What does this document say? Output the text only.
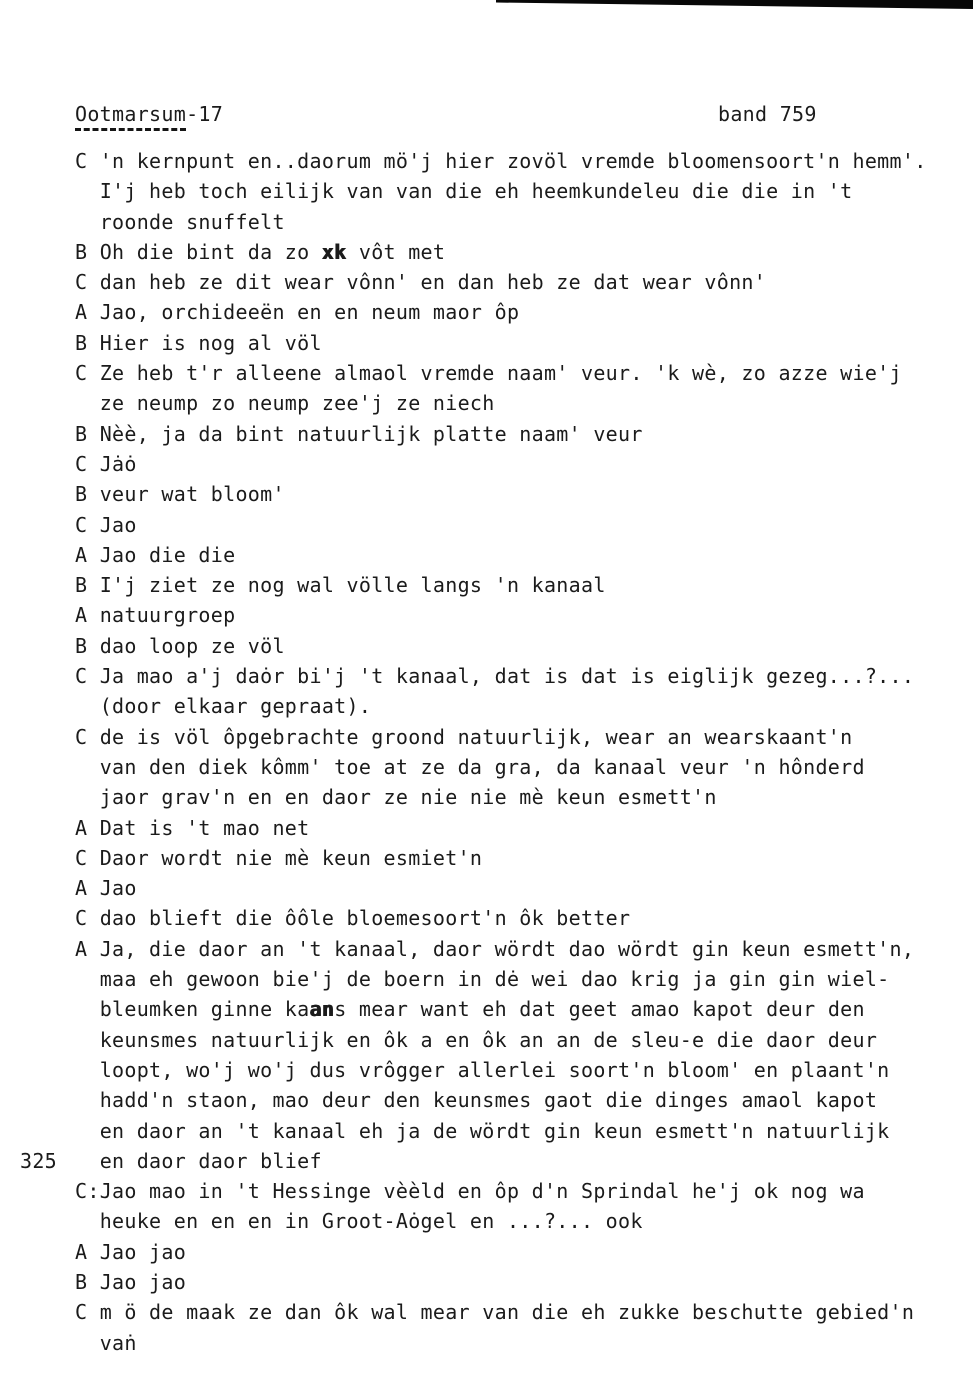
Ootmarsum-17	band 759
C 'n kernpunt en..daorum mö'j hier zovöl vremde bloomensoort'n hemm'.
I'j heb toch eilijk van van die eh heemkundeleu die die in 't
roonde snuffelt
B Oh die bint da zo xk vôt met
C dan heb ze dit wear vônn' en dan heb ze dat wear vônn'
A Jao, orchideeën en en neum maor ôp
B Hier is nog al völ
C Ze heb t'r alleene almaol vremde naam' veur. 'k wè, zo azze wie'j
ze neump zo neump zee'j ze niech
B Nèè, ja da bint natuurlijk platte naam' veur
C Jȧȯ
B veur wat bloom'
C Jao
A Jao die die
B I'j ziet ze nog wal völle langs 'n kanaal
A natuurgroep
B dao loop ze völ
C Ja mao a'j daȯr bi'j 't kanaal, dat is dat is eiglijk gezeg...?...
(door elkaar gepraat).
C de is völ ôpgebrachte groond natuurlijk, wear an wearskaant'n
van den diek kômm' toe at ze da gra, da kanaal veur 'n hônderd
jaor grav'n en en daor ze nie nie mè keun esmett'n
A Dat is 't mao net
C Daor wordt nie mè keun esmiet'n
A Jao
C dao blieft die ôôle bloemesoort'n ôk better
A Ja, die daor an 't kanaal, daor wördt dao wördt gin keun esmett'n,
maa eh gewoon bie'j de boern in dė wei dao krig ja gin gin wiel-
bleumken ginne kaans mear want eh dat geet amao kapot deur den
keunsmes natuurlijk en ôk a en ôk an an de sleu-e die daor deur
loopt, wo'j wo'j dus vrôgger allerlei soort'n bloom' en plaant'n
hadd'n staon, mao deur den keunsmes gaot die dinges amaol kapot
en daor an 't kanaal eh ja de wördt gin keun esmett'n natuurlijk
325 en daor daor blief
C:Jao mao in 't Hessinge vèèld en ôp d'n Sprindal he'j ok nog wa
heuke en en en in Groot-Aȯgel en ...?... ook
A Jao jao
B Jao jao
C m ö de maak ze dan ôk wal mear van die eh zukke beschutte gebied'n
vaṅ
